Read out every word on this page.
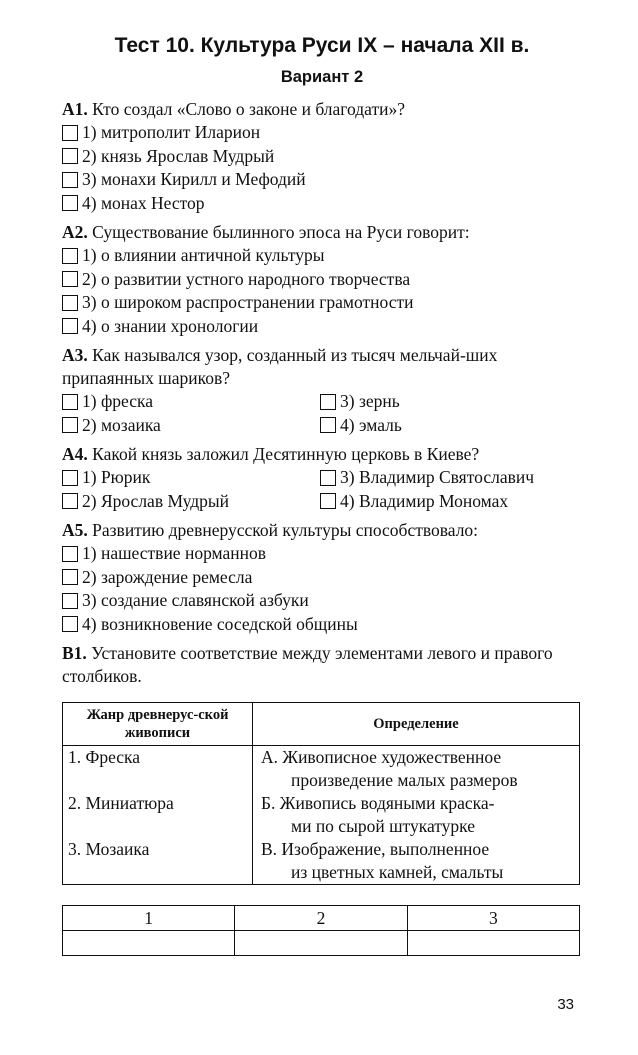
Тест 10. Культура Руси IX – начала XII в.
Вариант 2
А1. Кто создал «Слово о законе и благодати»?
1) митрополит Иларион
2) князь Ярослав Мудрый
3) монахи Кирилл и Мефодий
4) монах Нестор
А2. Существование былинного эпоса на Руси говорит:
1) о влиянии античной культуры
2) о развитии устного народного творчества
3) о широком распространении грамотности
4) о знании хронологии
А3. Как назывался узор, созданный из тысяч мельчай-ших припаянных шариков?
1) фреска
2) мозаика
3) зернь
4) эмаль
А4. Какой князь заложил Десятинную церковь в Киеве?
1) Рюрик
2) Ярослав Мудрый
3) Владимир Святославич
4) Владимир Мономах
А5. Развитию древнерусской культуры способствовало:
1) нашествие норманнов
2) зарождение ремесла
3) создание славянской азбуки
4) возникновение соседской общины
В1. Установите соответствие между элементами левого и правого столбиков.
Жанр древнерус-ской живописи	Определение
1. Фреска	А. Живописное художественное
произведение малых размеров

2. Миниатюра	Б. Живопись водяными краска-
ми по сырой штукатурке

3. Мозаика	В. Изображение, выполненное
из цветных камней, смальты
1	2	3

33
